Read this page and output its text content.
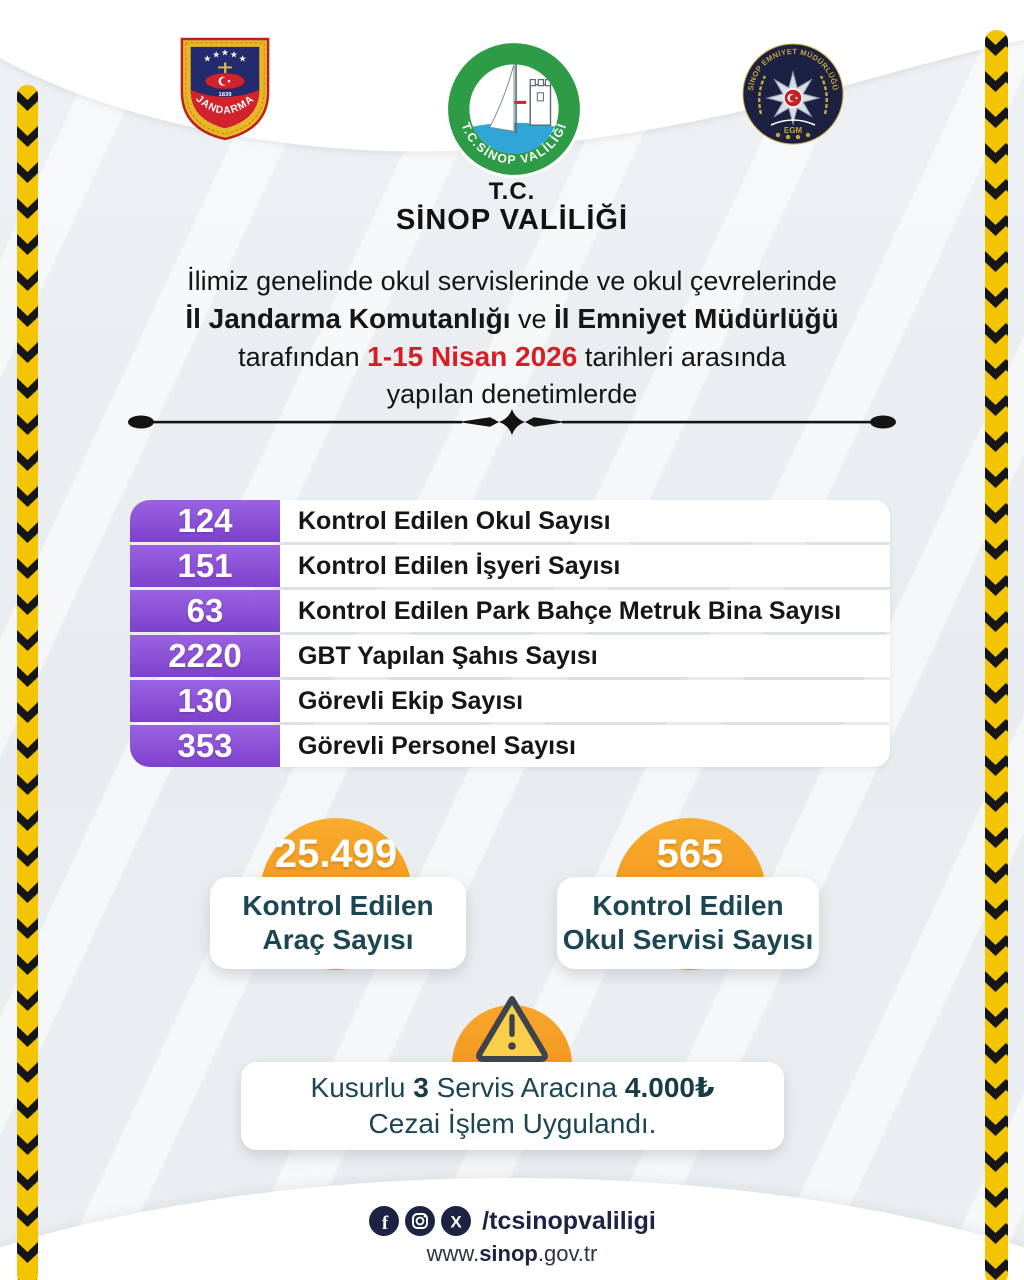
★ ★ ★ ★ ★
1839
JANDARMA
T.C.SİNOP VALİLİĞİ
SİNOP EMNİYET MÜDÜRLÜĞÜ
EGM
T.C.
SİNOP VALİLİĞİ
İlimiz genelinde okul servislerinde ve okul çevrelerinde
İl Jandarma Komutanlığı ve İl Emniyet Müdürlüğü
tarafından 1-15 Nisan 2026 tarihleri arasında
yapılan denetimlerde
124	Kontrol Edilen Okul Sayısı
151	Kontrol Edilen İşyeri Sayısı
63	Kontrol Edilen Park Bahçe Metruk Bina Sayısı
2220	GBT Yapılan Şahıs Sayısı
130	Görevli Ekip Sayısı
353	Görevli Personel Sayısı
25.499
Kontrol Edilen
Araç Sayısı
565
Kontrol Edilen
Okul Servisi Sayısı
Kusurlu 3 Servis Aracına 4.000₺
Cezai İşlem Uygulandı.
f	X /tcsinopvaliligi
www.sinop.gov.tr
